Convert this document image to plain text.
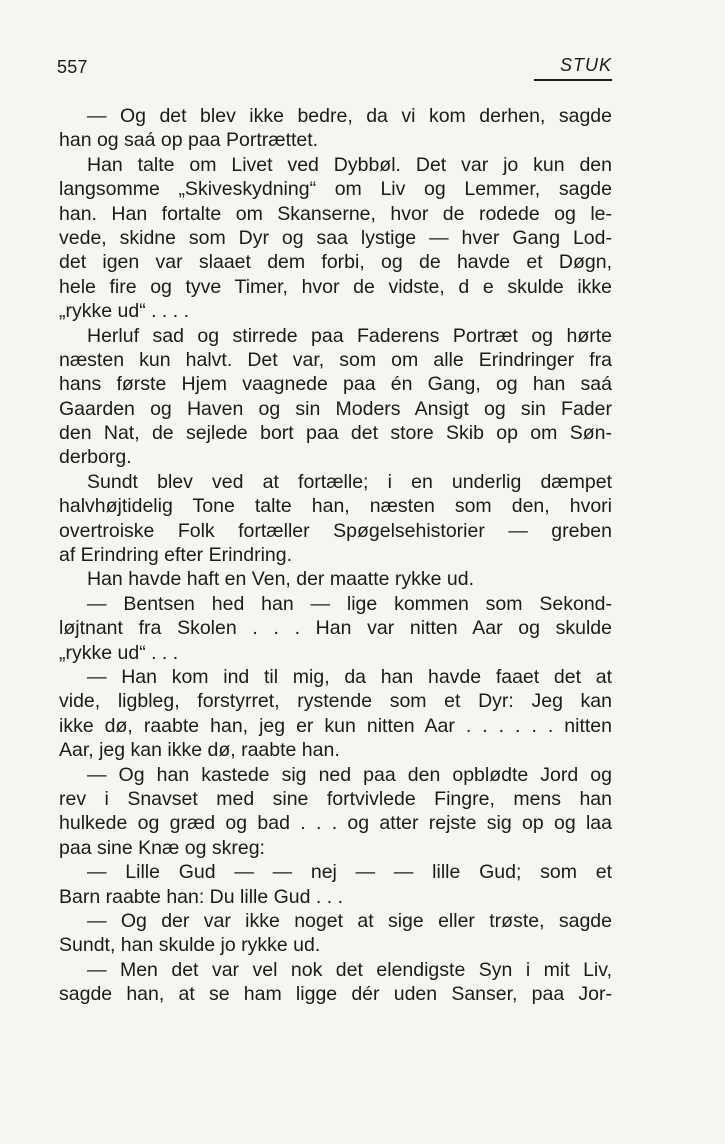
557	STUK
— Og det blev ikke bedre, da vi kom derhen, sagde
han og saá op paa Portrættet.
Han talte om Livet ved Dybbøl. Det var jo kun den
langsomme „Skiveskydning“ om Liv og Lemmer, sagde
han. Han fortalte om Skanserne, hvor de rodede og le-
vede, skidne som Dyr og saa lystige — hver Gang Lod-
det igen var slaaet dem forbi, og de havde et Døgn,
hele fire og tyve Timer, hvor de vidste, d e skulde ikke
„rykke ud“ . . . .
Herluf sad og stirrede paa Faderens Portræt og hørte
næsten kun halvt. Det var, som om alle Erindringer fra
hans første Hjem vaagnede paa én Gang, og han saá
Gaarden og Haven og sin Moders Ansigt og sin Fader
den Nat, de sejlede bort paa det store Skib op om Søn-
derborg.
Sundt blev ved at fortælle; i en underlig dæmpet
halvhøjtidelig Tone talte han, næsten som den, hvori
overtroiske Folk fortæller Spøgelsehistorier — greben
af Erindring efter Erindring.
Han havde haft en Ven, der maatte rykke ud.
— Bentsen hed han — lige kommen som Sekond-
løjtnant fra Skolen . . . Han var nitten Aar og skulde
„rykke ud“ . . .
— Han kom ind til mig, da han havde faaet det at
vide, ligbleg, forstyrret, rystende som et Dyr: Jeg kan
ikke dø, raabte han, jeg er kun nitten Aar . . . . . . nitten
Aar, jeg kan ikke dø, raabte han.
— Og han kastede sig ned paa den opblødte Jord og
rev i Snavset med sine fortvivlede Fingre, mens han
hulkede og græd og bad . . . og atter rejste sig op og laa
paa sine Knæ og skreg:
— Lille Gud — — nej — — lille Gud; som et
Barn raabte han: Du lille Gud . . .
— Og der var ikke noget at sige eller trøste, sagde
Sundt, han skulde jo rykke ud.
— Men det var vel nok det elendigste Syn i mit Liv,
sagde han, at se ham ligge dér uden Sanser, paa Jor-
